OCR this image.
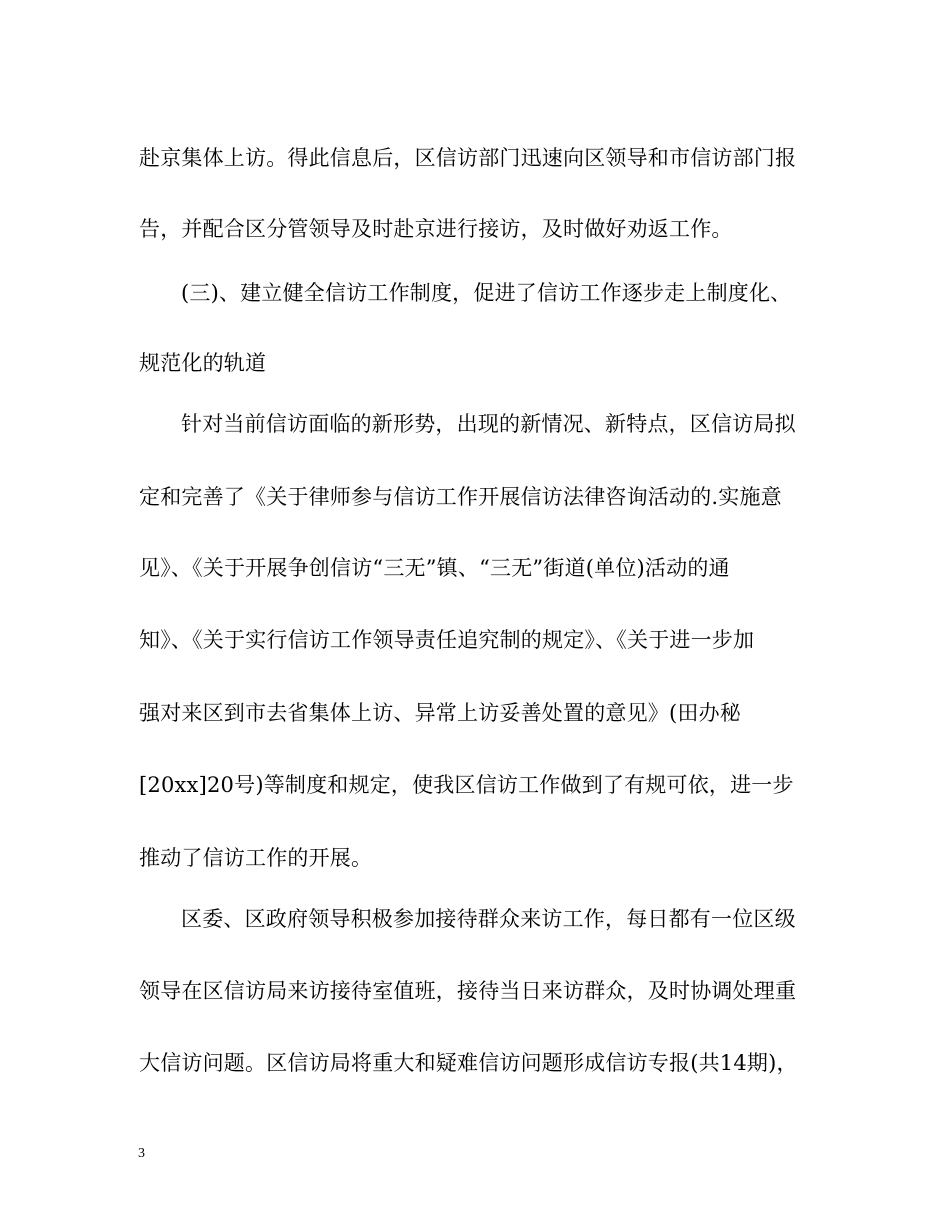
赴京集体上访。得此信息后，区信访部门迅速向区领导和市信访部门报
告，并配合区分管领导及时赴京进行接访，及时做好劝返工作。
(三)、建立健全信访工作制度，促进了信访工作逐步走上制度化、
规范化的轨道
针对当前信访面临的新形势，出现的新情况、新特点，区信访局拟
定和完善了《关于律师参与信访工作开展信访法律咨询活动的.实施意
见》、《关于开展争创信访“三无”镇、“三无”街道(单位)活动的通
知》、《关于实行信访工作领导责任追究制的规定》、《关于进一步加
强对来区到市去省集体上访、异常上访妥善处置的意见》(田办秘
[20xx]20号)等制度和规定，使我区信访工作做到了有规可依，进一步
推动了信访工作的开展。
区委、区政府领导积极参加接待群众来访工作，每日都有一位区级
领导在区信访局来访接待室值班，接待当日来访群众，及时协调处理重
大信访问题。区信访局将重大和疑难信访问题形成信访专报(共14期)，
3
